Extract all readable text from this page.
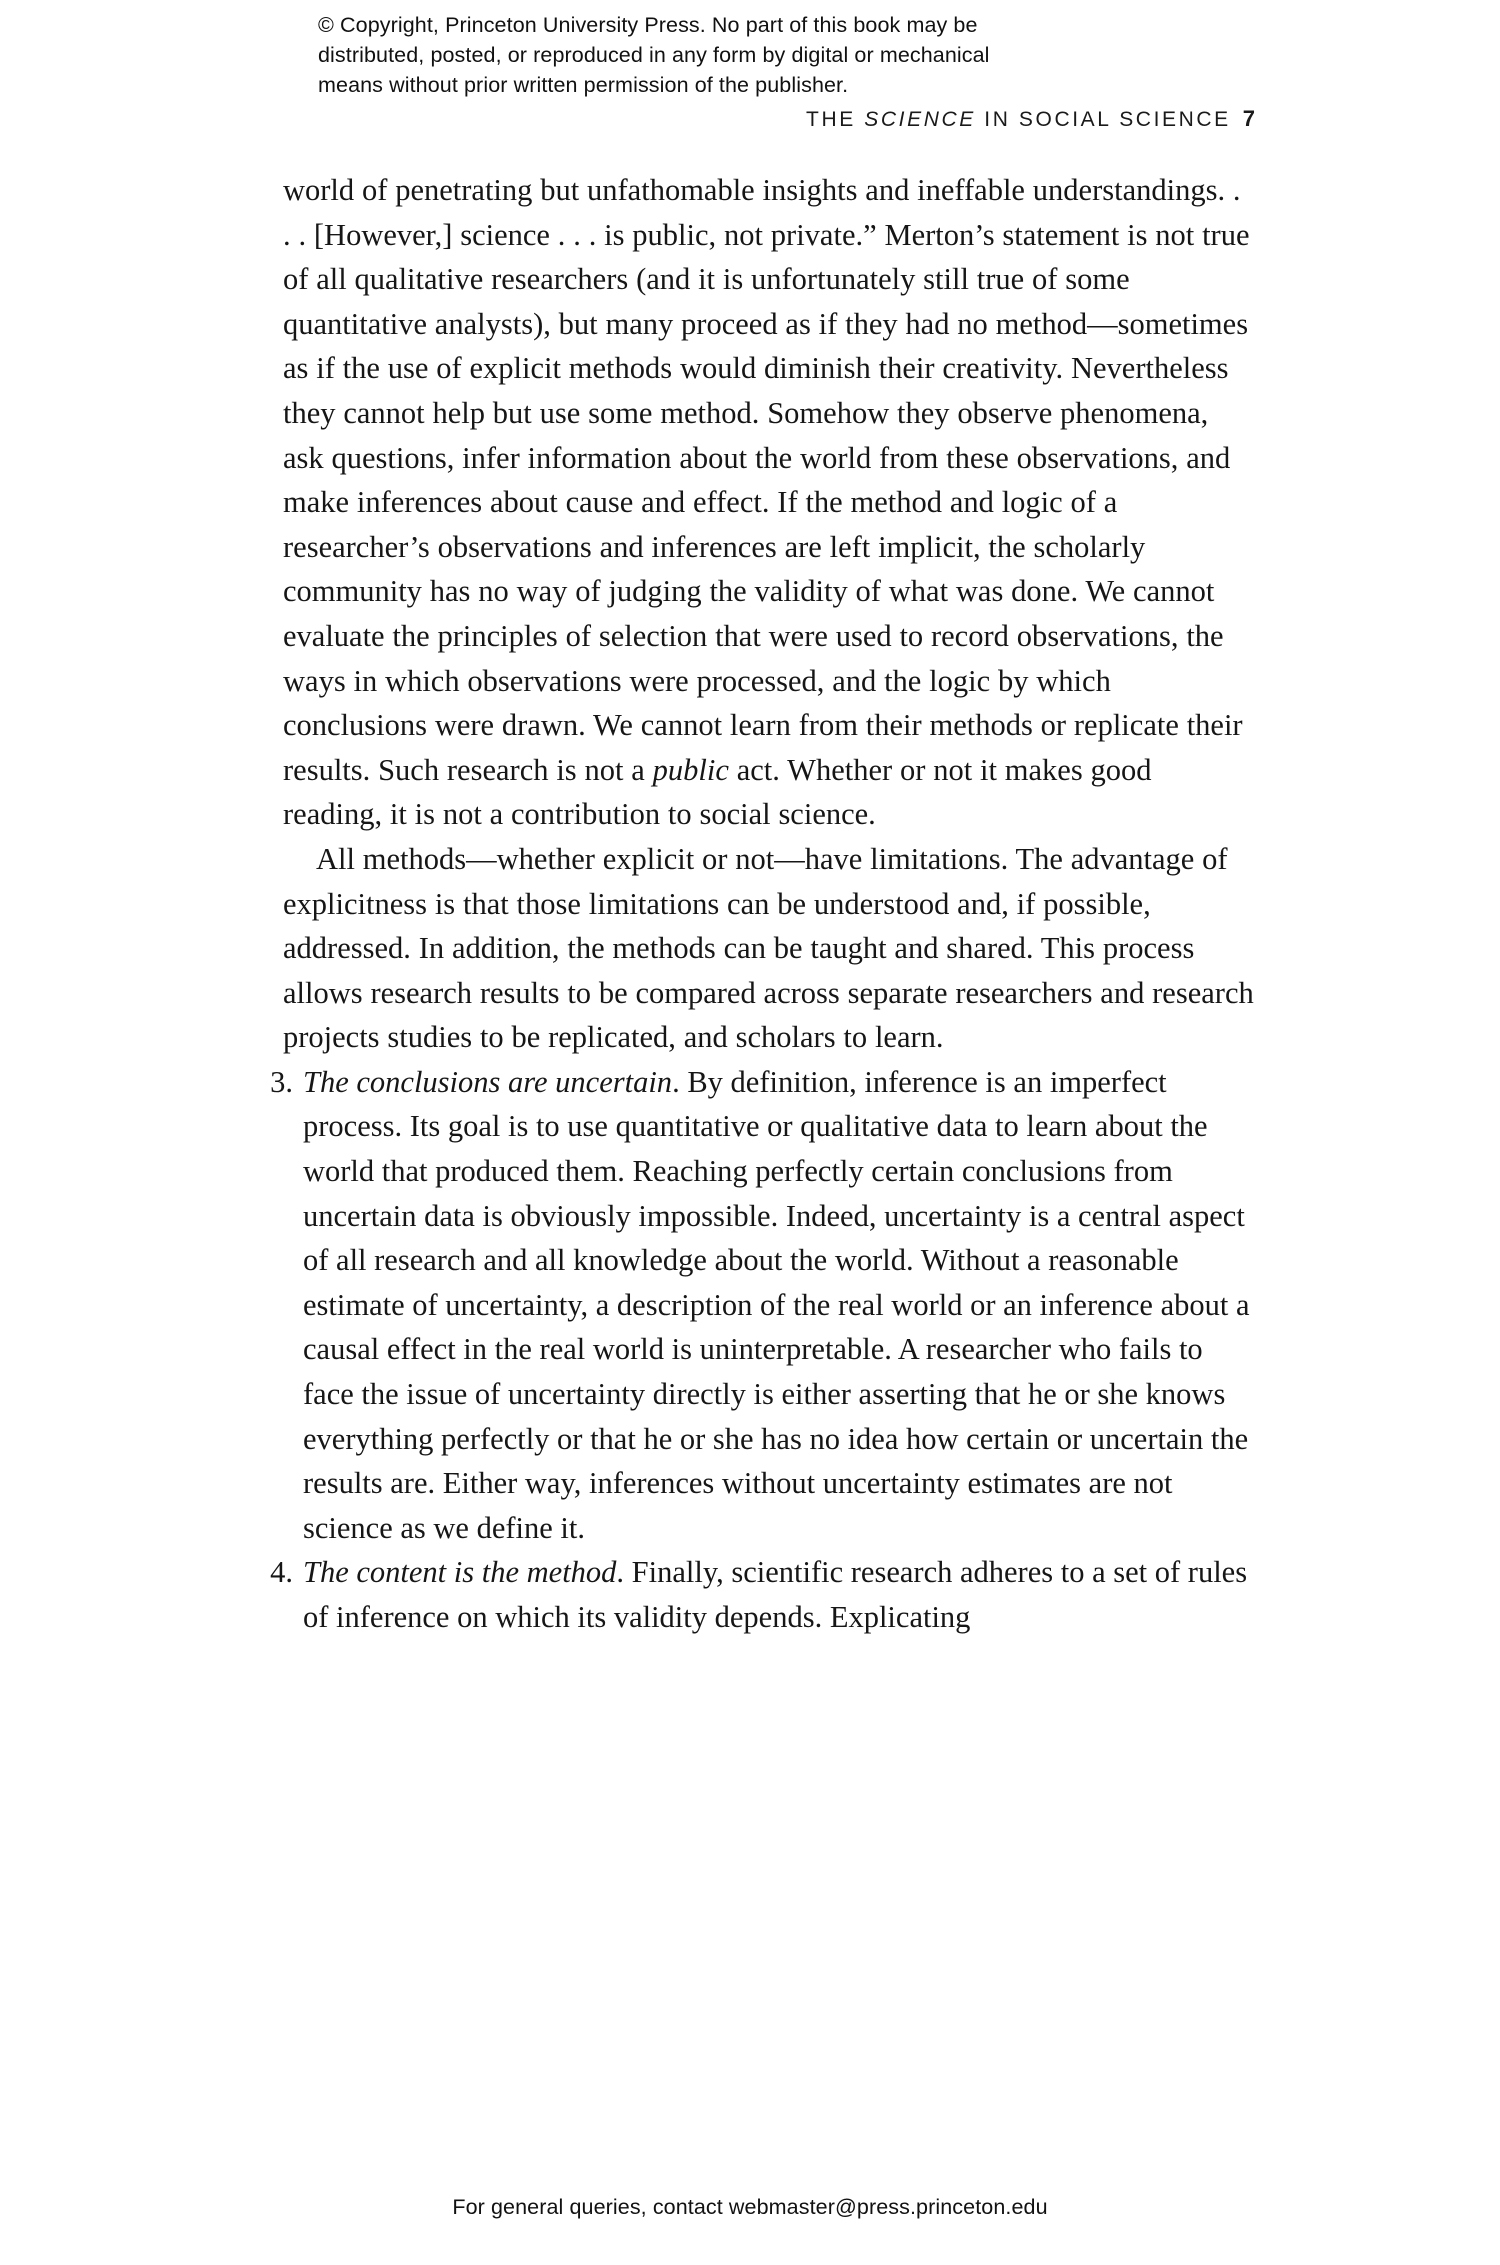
© Copyright, Princeton University Press. No part of this book may be
distributed, posted, or reproduced in any form by digital or mechanical
means without prior written permission of the publisher.
THE SCIENCE IN SOCIAL SCIENCE 7

world of penetrating but unfathomable insights and ineffable understandings. . . . [However,] science . . . is public, not private.” Merton’s statement is not true of all qualitative researchers (and it is unfortunately still true of some quantitative analysts), but many proceed as if they had no method—sometimes as if the use of explicit methods would diminish their creativity. Nevertheless they cannot help but use some method. Somehow they observe phenomena, ask questions, infer information about the world from these observations, and make inferences about cause and effect. If the method and logic of a researcher’s observations and inferences are left implicit, the scholarly community has no way of judging the validity of what was done. We cannot evaluate the principles of selection that were used to record observations, the ways in which observations were processed, and the logic by which conclusions were drawn. We cannot learn from their methods or replicate their results. Such research is not a public act. Whether or not it makes good reading, it is not a contribution to social science.

All methods—whether explicit or not—have limitations. The advantage of explicitness is that those limitations can be understood and, if possible, addressed. In addition, the methods can be taught and shared. This process allows research results to be compared across separate researchers and research projects studies to be replicated, and scholars to learn.

3. The conclusions are uncertain. By definition, inference is an imperfect process. Its goal is to use quantitative or qualitative data to learn about the world that produced them. Reaching perfectly certain conclusions from uncertain data is obviously impossible. Indeed, uncertainty is a central aspect of all research and all knowledge about the world. Without a reasonable estimate of uncertainty, a description of the real world or an inference about a causal effect in the real world is uninterpretable. A researcher who fails to face the issue of uncertainty directly is either asserting that he or she knows everything perfectly or that he or she has no idea how certain or uncertain the results are. Either way, inferences without uncertainty estimates are not science as we define it.
4. The content is the method. Finally, scientific research adheres to a set of rules of inference on which its validity depends. Explicating
For general queries, contact webmaster@press.princeton.edu
